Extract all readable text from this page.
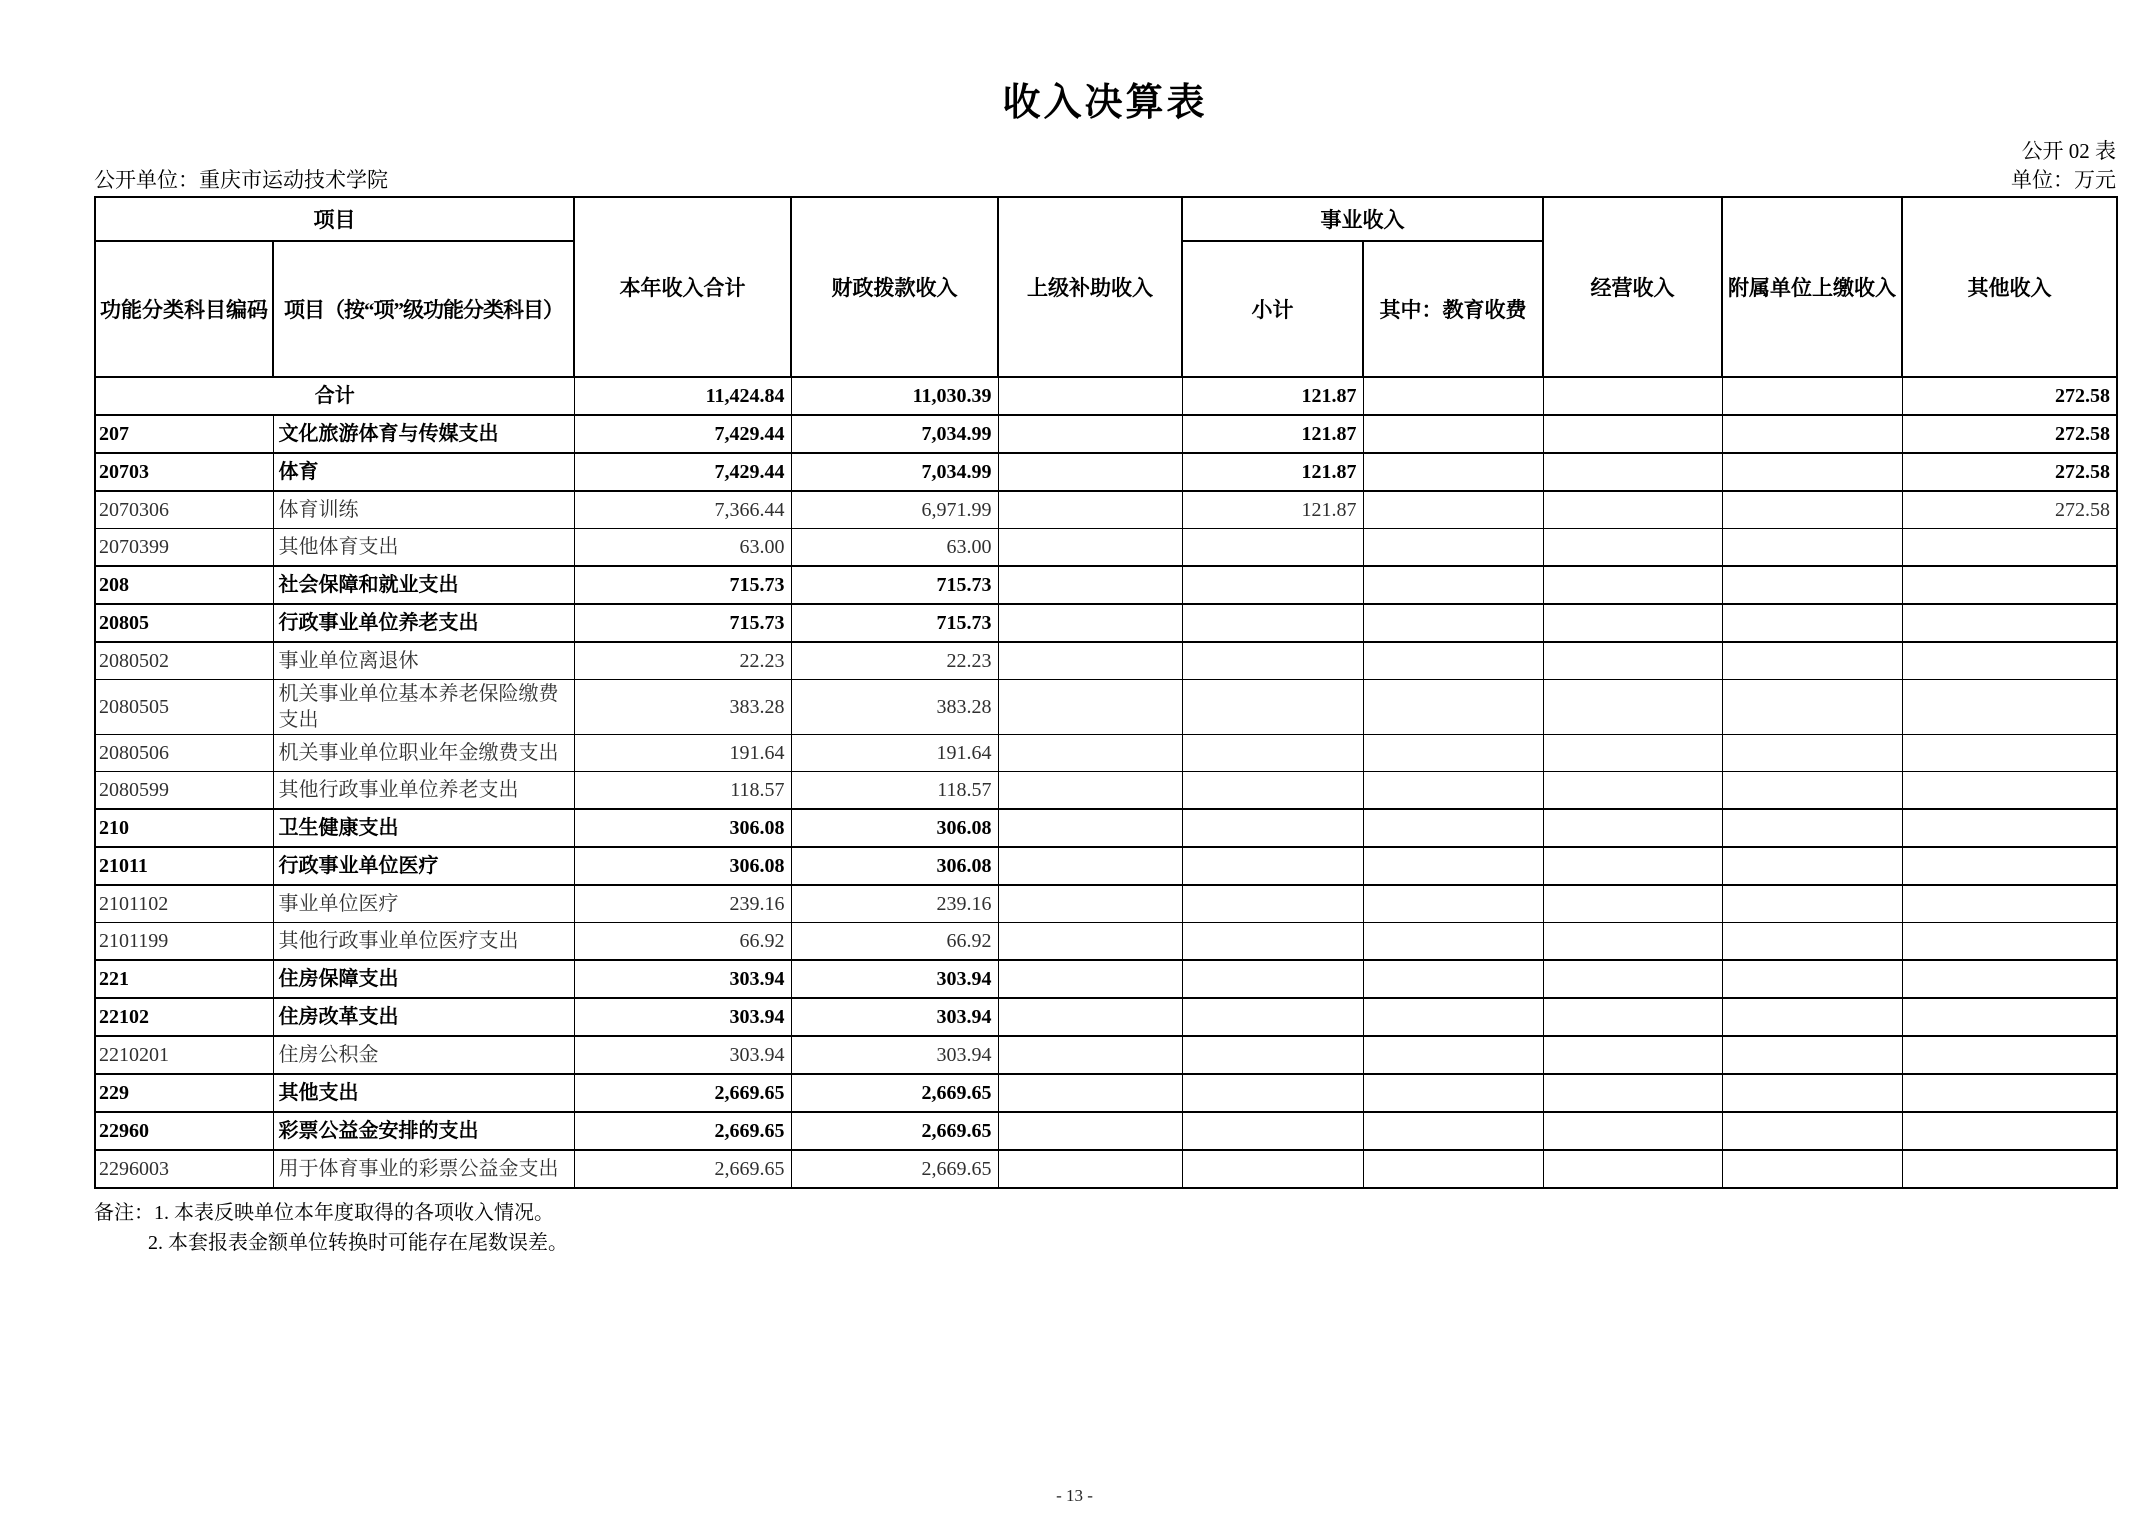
收入决算表
公开 02 表
公开单位：重庆市运动技术学院	单位：万元
项目		本年收入合计	财政拨款收入	上级补助收入	事业收入		经营收入	附属单位上缴收入	其他收入
功能分类科目编码	项目（按“项”级功能分类科目）				小计	其中：教育收费			
合计		11,424.84	11,030.39		121.87				272.58
207	文化旅游体育与传媒支出	7,429.44	7,034.99		121.87				272.58
20703	体育	7,429.44	7,034.99		121.87				272.58
2070306	体育训练	7,366.44	6,971.99		121.87				272.58
2070399	其他体育支出	63.00	63.00						
208	社会保障和就业支出	715.73	715.73						
20805	行政事业单位养老支出	715.73	715.73						
2080502	事业单位离退休	22.23	22.23						
2080505	机关事业单位基本养老保险缴费支出	383.28	383.28						
2080506	机关事业单位职业年金缴费支出	191.64	191.64						
2080599	其他行政事业单位养老支出	118.57	118.57						
210	卫生健康支出	306.08	306.08						
21011	行政事业单位医疗	306.08	306.08						
2101102	事业单位医疗	239.16	239.16						
2101199	其他行政事业单位医疗支出	66.92	66.92						
221	住房保障支出	303.94	303.94						
22102	住房改革支出	303.94	303.94						
2210201	住房公积金	303.94	303.94						
229	其他支出	2,669.65	2,669.65						
22960	彩票公益金安排的支出	2,669.65	2,669.65						
2296003	用于体育事业的彩票公益金支出	2,669.65	2,669.65						
备注：1. 本表反映单位本年度取得的各项收入情况。
2. 本套报表金额单位转换时可能存在尾数误差。
- 13 -
